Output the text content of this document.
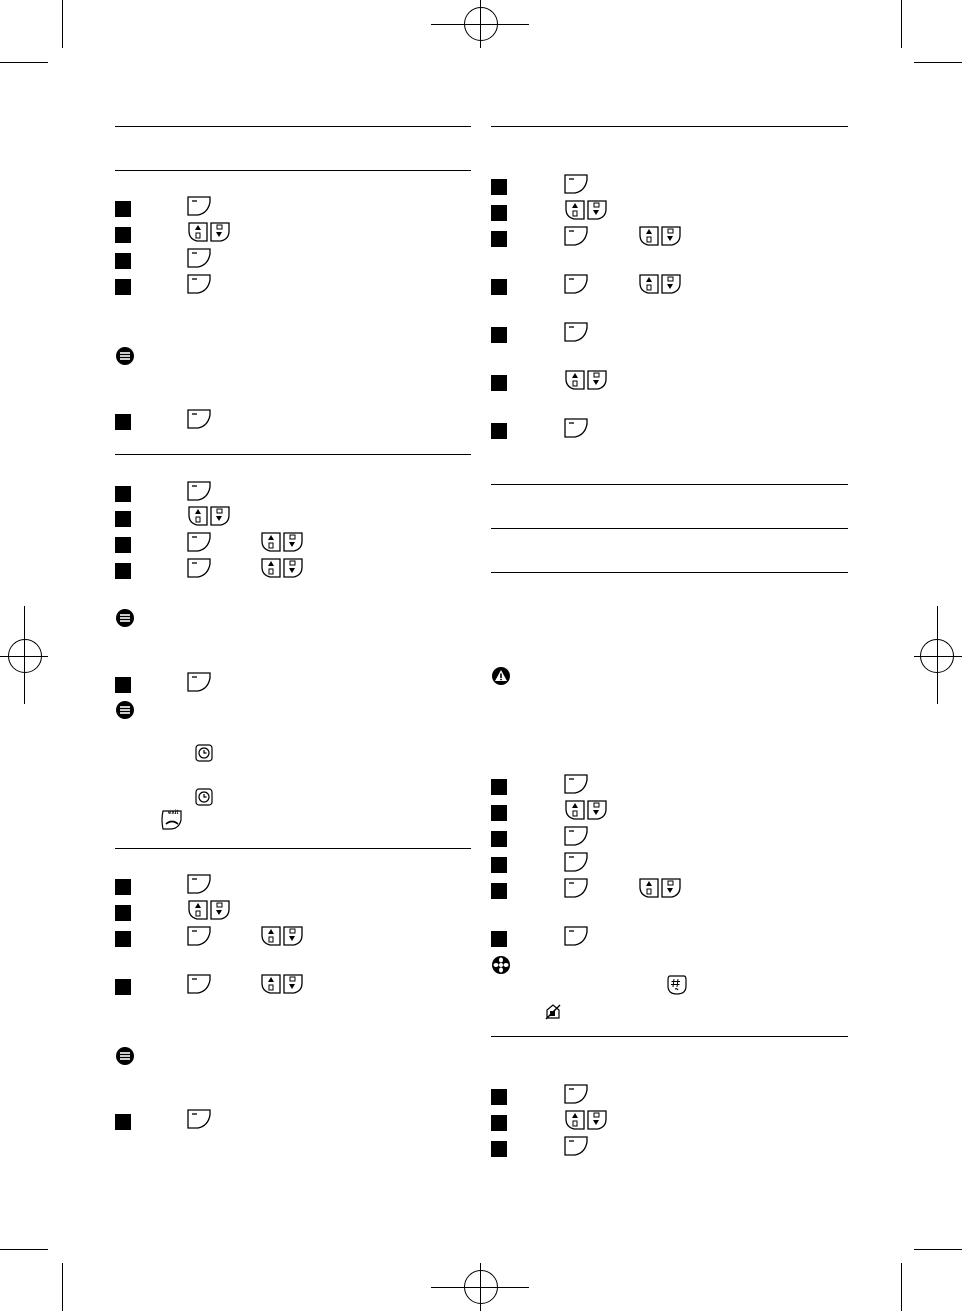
exit
